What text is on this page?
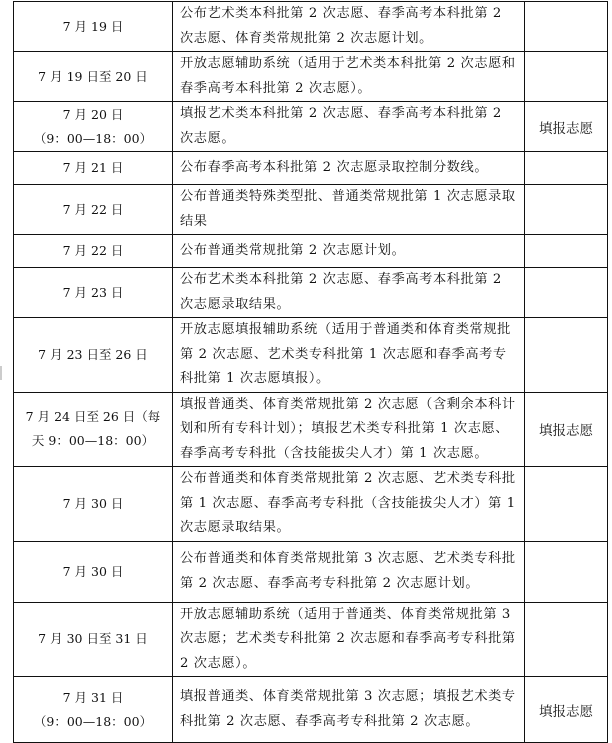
7 月 19 日	公布艺术类本科批第 2 次志愿、春季高考本科批第 2 次志愿、体育类常规批第 2 次志愿计划。	

7 月 19 日至 20 日	开放志愿辅助系统（适用于艺术类本科批第 2 次志愿和春季高考本科批第 2 次志愿）。	

7 月 20 日
（9：00—18：00）	填报艺术类本科批第 2 次志愿、春季高考本科批第 2 次志愿。	填报志愿

7 月 21 日	公布春季高考本科批第 2 次志愿录取控制分数线。	

7 月 22 日	公布普通类特殊类型批、普通类常规批第 1 次志愿录取结果	

7 月 22 日	公布普通类常规批第 2 次志愿计划。	

7 月 23 日	公布艺术类本科批第 2 次志愿、春季高考本科批第 2 次志愿录取结果。	

7 月 23 日至 26 日	开放志愿填报辅助系统（适用于普通类和体育类常规批第 2 次志愿、艺术类专科批第 1 次志愿和春季高考专科批第 1 次志愿填报）。	

7 月 24 日至 26 日（每
天 9：00—18：00）	填报普通类、体育类常规批第 2 次志愿（含剩余本科计划和所有专科计划）；填报艺术类专科批第 1 次志愿、春季高考专科批（含技能拔尖人才）第 1 次志愿。	填报志愿

7 月 30 日	公布普通类和体育类常规批第 2 次志愿、艺术类专科批第 1 次志愿、春季高考专科批（含技能拔尖人才）第 1 次志愿录取结果。	

7 月 30 日	公布普通类和体育类常规批第 3 次志愿、艺术类专科批第 2 次志愿、春季高考专科批第 2 次志愿计划。	

7 月 30 日至 31 日	开放志愿辅助系统（适用于普通类、体育类常规批第 3 次志愿；艺术类专科批第 2 次志愿和春季高考专科批第 2 次志愿）。	

7 月 31 日
（9：00—18：00）	填报普通类、体育类常规批第 3 次志愿；填报艺术类专科批第 2 次志愿、春季高考专科批第 2 次志愿。	填报志愿
